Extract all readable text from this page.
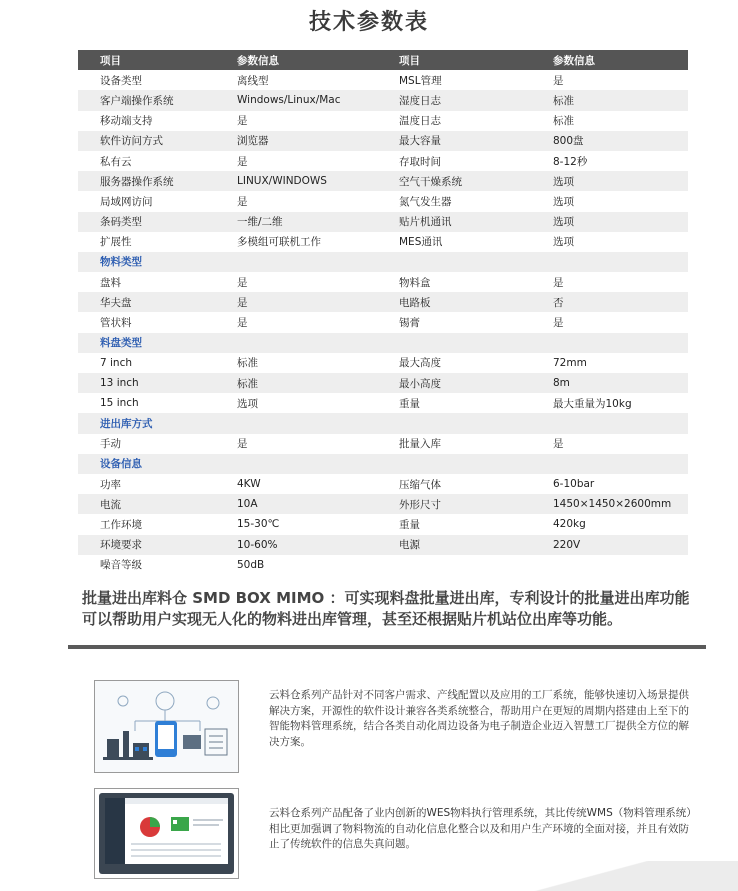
技术参数表
项目	参数信息	项目	参数信息
设备类型	离线型	MSL管理	是
客户端操作系统	Windows/Linux/Mac	湿度日志	标准
移动端支持	是	温度日志	标准
软件访问方式	浏览器	最大容量	800盘
私有云	是	存取时间	8-12秒
服务器操作系统	LINUX/WINDOWS	空气干燥系统	选项
局域网访问	是	氮气发生器	选项
条码类型	一维/二维	贴片机通讯	选项
扩展性	多模组可联机工作	MES通讯	选项
物料类型			
盘料	是	物料盒	是
华夫盘	是	电路板	否
管状料	是	锡膏	是
料盘类型			
7 inch	标准	最大高度	72mm
13 inch	标准	最小高度	8m
15 inch	选项	重量	最大重量为10kg
进出库方式			
手动	是	批量入库	是
设备信息			
功率	4KW	压缩气体	6-10bar
电流	10A	外形尺寸	1450×1450×2600mm
工作环境	15-30℃	重量	420kg
环境要求	10-60%	电源	220V
噪音等级	50dB		
批量进出库料仓 SMD BOX MIMO ：可实现料盘批量进出库，专利设计的批量进出库功能可以帮助用户实现无人化的物料进出库管理，甚至还根据贴片机站位出库等功能。
云料仓系列产品针对不同客户需求、产线配置以及应用的工厂系统，能够快速切入场景提供解决方案，开源性的软件设计兼容各类系统整合，帮助用户在更短的周期内搭建由上至下的智能物料管理系统，结合各类自动化周边设备为电子制造企业迈入智慧工厂提供全方位的解决方案。
WES系统
云料仓系列产品配备了业内创新的WES物料执行管理系统，其比传统WMS（物料管理系统）相比更加强调了物料物流的自动化信息化整合以及和用户生产环境的全面对接，并且有效防止了传统软件的信息失真问题。
